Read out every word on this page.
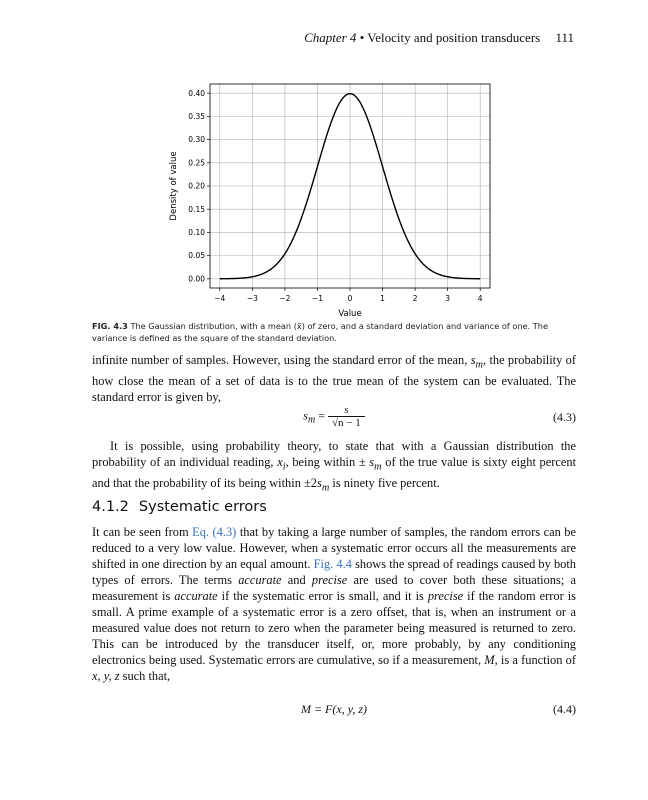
Chapter 4 • Velocity and position transducers 111
0.00
0.05
0.10
0.15
0.20
0.25
0.30
0.35
0.40
−4	−3	−2	−1	0	1	2	3	4
Value
Density of value
FIG. 4.3 The Gaussian distribution, with a mean (x̄) of zero, and a standard deviation and variance of one. The variance is defined as the square of the standard deviation.

infinite number of samples. However, using the standard error of the mean, $s_m$, the probability of how close the mean of a set of data is to the true mean of the system can be evaluated. The standard error is given by,

$s_m = \frac{s}{√n - 1}$	(4.3)

It is possible, using probability theory, to state that with a Gaussian distribution the probability of an individual reading, $x_i$, being within ± $s_m$ of the true value is sixty eight percent and that the probability of its being within $\pm 2s_m$ is ninety five percent.

4.1.2 Systematic errors

It can be seen from Eq. (4.3) that by taking a large number of samples, the random errors can be reduced to a very low value. However, when a systematic error occurs all the measurements are shifted in one direction by an equal amount. Fig. 4.4 shows the spread of readings caused by both types of errors. The terms accurate and precise are used to cover both these situations; a measurement is accurate if the systematic error is small, and it is precise if the random error is small. A prime example of a systematic error is a zero offset, that is, when an instrument or a measured value does not return to zero when the parameter being measured is returned to zero. This can be introduced by the transducer itself, or, more probably, by any conditioning electronics being used. Systematic errors are cumulative, so if a measurement, M, is a function of x, y, z such that,

M = F(x, y, z)	(4.4)
